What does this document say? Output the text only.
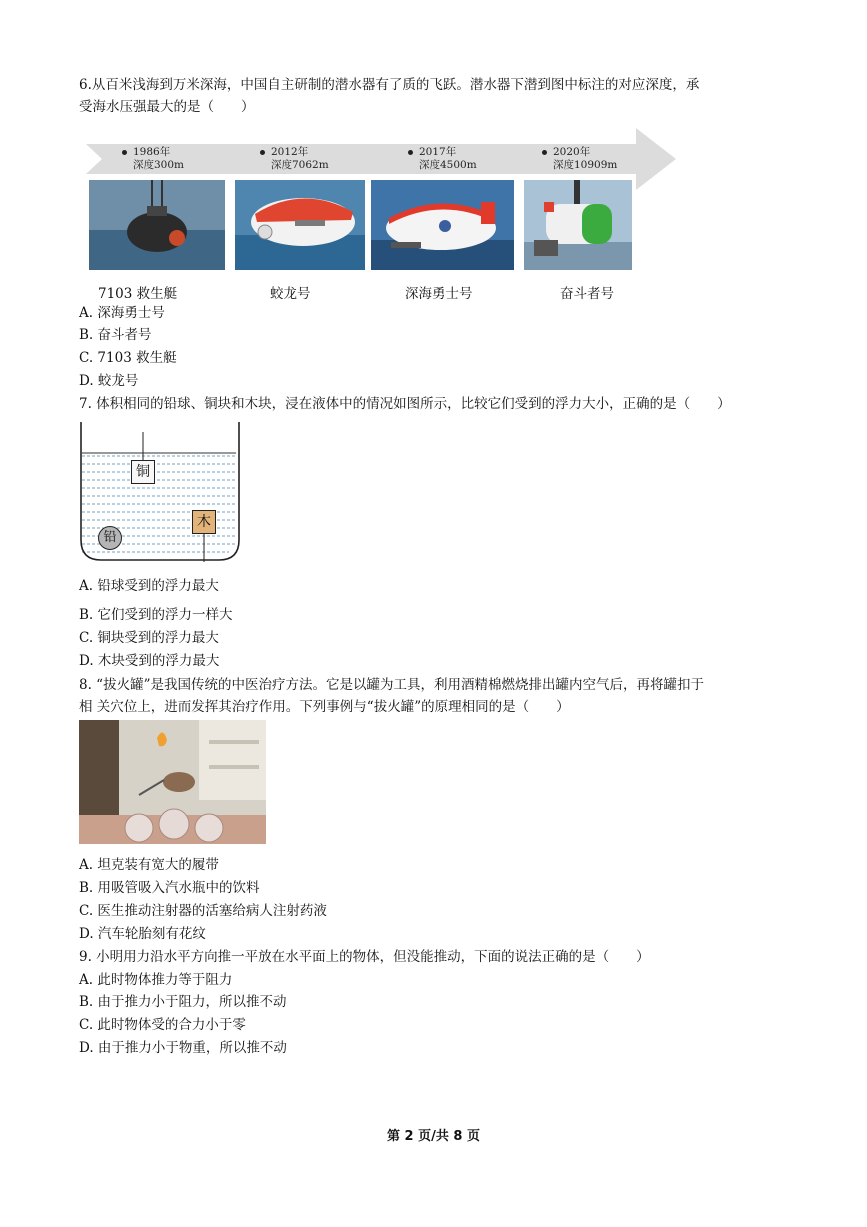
6.从百米浅海到万米深海，中国自主研制的潜水器有了质的飞跃。潜水器下潜到图中标注的对应深度，承
受海水压强最大的是（　　）
1986年
深度300m
2012年
深度7062m
2017年
深度4500m
2020年
深度10909m
7103 救生艇	蛟龙号	深海勇士号	奋斗者号
A. 深海勇士号
B. 奋斗者号
C. 7103 救生艇
D. 蛟龙号
7. 体积相同的铅球、铜块和木块，浸在液体中的情况如图所示，比较它们受到的浮力大小，正确的是（　　）
铜
木
铅
A. 铅球受到的浮力最大
B. 它们受到的浮力一样大
C. 铜块受到的浮力最大
D. 木块受到的浮力最大
8. “拔火罐”是我国传统的中医治疗方法。它是以罐为工具，利用酒精棉燃烧排出罐内空气后，再将罐扣于
相 关穴位上，进而发挥其治疗作用。下列事例与“拔火罐”的原理相同的是（　　）
A. 坦克装有宽大的履带
B. 用吸管吸入汽水瓶中的饮料
C. 医生推动注射器的活塞给病人注射药液
D. 汽车轮胎刻有花纹
9. 小明用力沿水平方向推一平放在水平面上的物体，但没能推动，下面的说法正确的是（　　）
A. 此时物体推力等于阻力
B. 由于推力小于阻力，所以推不动
C. 此时物体受的合力小于零
D. 由于推力小于物重，所以推不动
第 2 页/共 8 页
